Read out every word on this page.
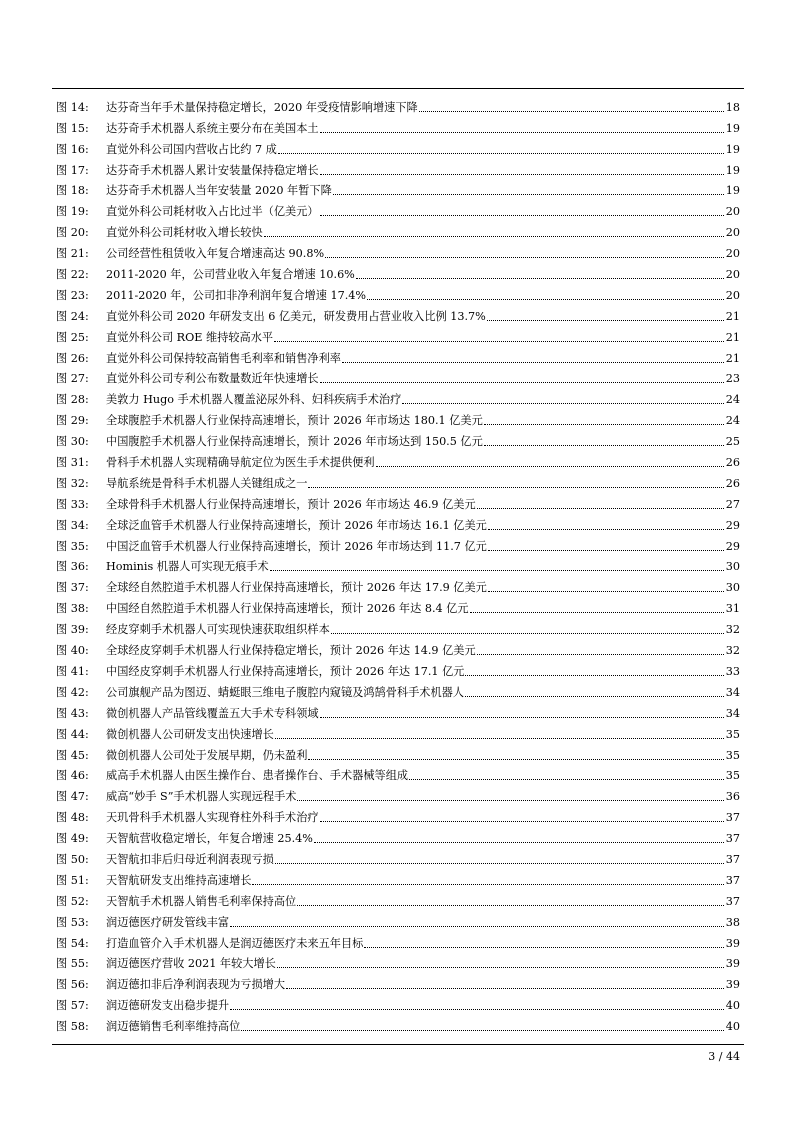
图 14:	达芬奇当年手术量保持稳定增长，2020 年受疫情影响增速下降	18
图 15:	达芬奇手术机器人系统主要分布在美国本土	19
图 16:	直觉外科公司国内营收占比约 7 成	19
图 17:	达芬奇手术机器人累计安装量保持稳定增长	19
图 18:	达芬奇手术机器人当年安装量 2020 年暂下降	19
图 19:	直觉外科公司耗材收入占比过半（亿美元）	20
图 20:	直觉外科公司耗材收入增长较快	20
图 21:	公司经营性租赁收入年复合增速高达 90.8%	20
图 22:	2011-2020 年，公司营业收入年复合增速 10.6%	20
图 23:	2011-2020 年，公司扣非净利润年复合增速 17.4%	20
图 24:	直觉外科公司 2020 年研发支出 6 亿美元，研发费用占营业收入比例 13.7%	21
图 25:	直觉外科公司 ROE 维持较高水平	21
图 26:	直觉外科公司保持较高销售毛利率和销售净利率	21
图 27:	直觉外科公司专利公布数量数近年快速增长	23
图 28:	美敦力 Hugo 手术机器人覆盖泌尿外科、妇科疾病手术治疗	24
图 29:	全球腹腔手术机器人行业保持高速增长，预计 2026 年市场达 180.1 亿美元	24
图 30:	中国腹腔手术机器人行业保持高速增长，预计 2026 年市场达到 150.5 亿元	25
图 31:	骨科手术机器人实现精确导航定位为医生手术提供便利	26
图 32:	导航系统是骨科手术机器人关键组成之一	26
图 33:	全球骨科手术机器人行业保持高速增长，预计 2026 年市场达 46.9 亿美元	27
图 34:	全球泛血管手术机器人行业保持高速增长，预计 2026 年市场达 16.1 亿美元	29
图 35:	中国泛血管手术机器人行业保持高速增长，预计 2026 年市场达到 11.7 亿元	29
图 36:	Hominis 机器人可实现无痕手术	30
图 37:	全球经自然腔道手术机器人行业保持高速增长，预计 2026 年达 17.9 亿美元	30
图 38:	中国经自然腔道手术机器人行业保持高速增长，预计 2026 年达 8.4 亿元	31
图 39:	经皮穿刺手术机器人可实现快速获取组织样本	32
图 40:	全球经皮穿刺手术机器人行业保持稳定增长，预计 2026 年达 14.9 亿美元	32
图 41:	中国经皮穿刺手术机器人行业保持高速增长，预计 2026 年达 17.1 亿元	33
图 42:	公司旗舰产品为图迈、蜻蜓眼三维电子腹腔内窥镜及鸿鹄骨科手术机器人	34
图 43:	微创机器人产品管线覆盖五大手术专科领域	34
图 44:	微创机器人公司研发支出快速增长	35
图 45:	微创机器人公司处于发展早期，仍未盈利	35
图 46:	威高手术机器人由医生操作台、患者操作台、手术器械等组成	35
图 47:	威高“妙手 S”手术机器人实现远程手术	36
图 48:	天玑骨科手术机器人实现脊柱外科手术治疗	37
图 49:	天智航营收稳定增长，年复合增速 25.4%	37
图 50:	天智航扣非后归母近利润表现亏损	37
图 51:	天智航研发支出维持高速增长	37
图 52:	天智航手术机器人销售毛利率保持高位	37
图 53:	润迈德医疗研发管线丰富	38
图 54:	打造血管介入手术机器人是润迈德医疗未来五年目标	39
图 55:	润迈德医疗营收 2021 年较大增长	39
图 56:	润迈德扣非后净利润表现为亏损增大	39
图 57:	润迈德研发支出稳步提升	40
图 58:	润迈德销售毛利率维持高位	40
3 / 44
